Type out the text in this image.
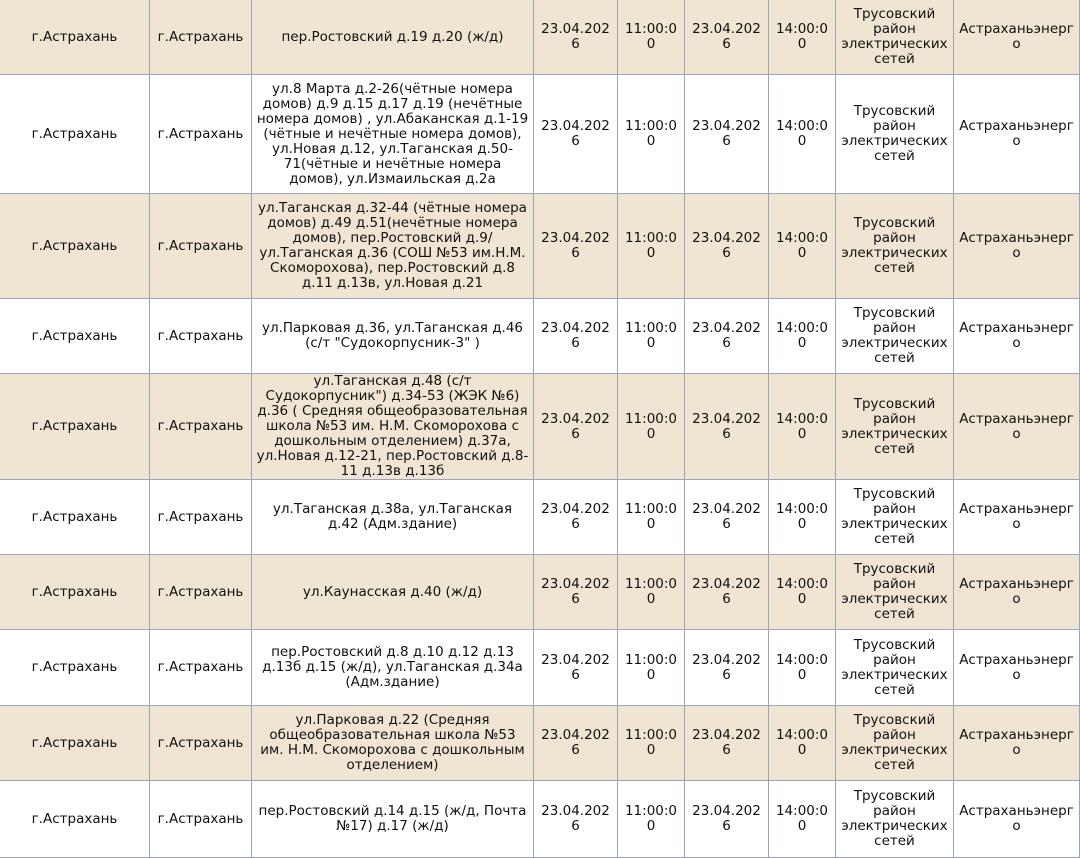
г.Астрахань	г.Астрахань	пер.Ростовский д.19 д.20 (ж/д)	23.04.2026	11:00:00	23.04.2026	14:00:00	Трусовский район электрических сетей	Астраханьэнерго
г.Астрахань	г.Астрахань	ул.8 Марта д.2-26(чётные номера домов) д.9 д.15 д.17 д.19 (нечётные номера домов) , ул.Абаканская д.1-19 (чётные и нечётные номера домов), ул.Новая д.12, ул.Таганская д.50-71(чётные и нечётные номера домов), ул.Измаильская д.2а	23.04.2026	11:00:00	23.04.2026	14:00:00	Трусовский район электрических сетей	Астраханьэнерго
г.Астрахань	г.Астрахань	ул.Таганская д.32-44 (чётные номера домов) д.49 д.51(нечётные номера домов), пер.Ростовский д.9/ ул.Таганская д.36 (СОШ №53 им.Н.М. Скоморохова), пер.Ростовский д.8 д.11 д.13в, ул.Новая д.21	23.04.2026	11:00:00	23.04.2026	14:00:00	Трусовский район электрических сетей	Астраханьэнерго
г.Астрахань	г.Астрахань	ул.Парковая д.36, ул.Таганская д.46 (с/т "Судокорпусник-3" )	23.04.2026	11:00:00	23.04.2026	14:00:00	Трусовский район электрических сетей	Астраханьэнерго
г.Астрахань	г.Астрахань	ул.Таганская д.48 (с/т Судокорпусник") д.34-53 (ЖЭК №6) д.36 ( Средняя общеобразовательная школа №53 им. Н.М. Скоморохова с дошкольным отделением) д.37а, ул.Новая д.12-21, пер.Ростовский д.8-11 д.13в д.13б	23.04.2026	11:00:00	23.04.2026	14:00:00	Трусовский район электрических сетей	Астраханьэнерго
г.Астрахань	г.Астрахань	ул.Таганская д.38а, ул.Таганская д.42 (Адм.здание)	23.04.2026	11:00:00	23.04.2026	14:00:00	Трусовский район электрических сетей	Астраханьэнерго
г.Астрахань	г.Астрахань	ул.Каунасская д.40 (ж/д)	23.04.2026	11:00:00	23.04.2026	14:00:00	Трусовский район электрических сетей	Астраханьэнерго
г.Астрахань	г.Астрахань	пер.Ростовский д.8 д.10 д.12 д.13 д.13б д.15 (ж/д), ул.Таганская д.34а (Адм.здание)	23.04.2026	11:00:00	23.04.2026	14:00:00	Трусовский район электрических сетей	Астраханьэнерго
г.Астрахань	г.Астрахань	ул.Парковая д.22 (Средняя общеобразовательная школа №53 им. Н.М. Скоморохова с дошкольным отделением)	23.04.2026	11:00:00	23.04.2026	14:00:00	Трусовский район электрических сетей	Астраханьэнерго
г.Астрахань	г.Астрахань	пер.Ростовский д.14 д.15 (ж/д, Почта №17) д.17 (ж/д)	23.04.2026	11:00:00	23.04.2026	14:00:00	Трусовский район электрических сетей	Астраханьэнерго
